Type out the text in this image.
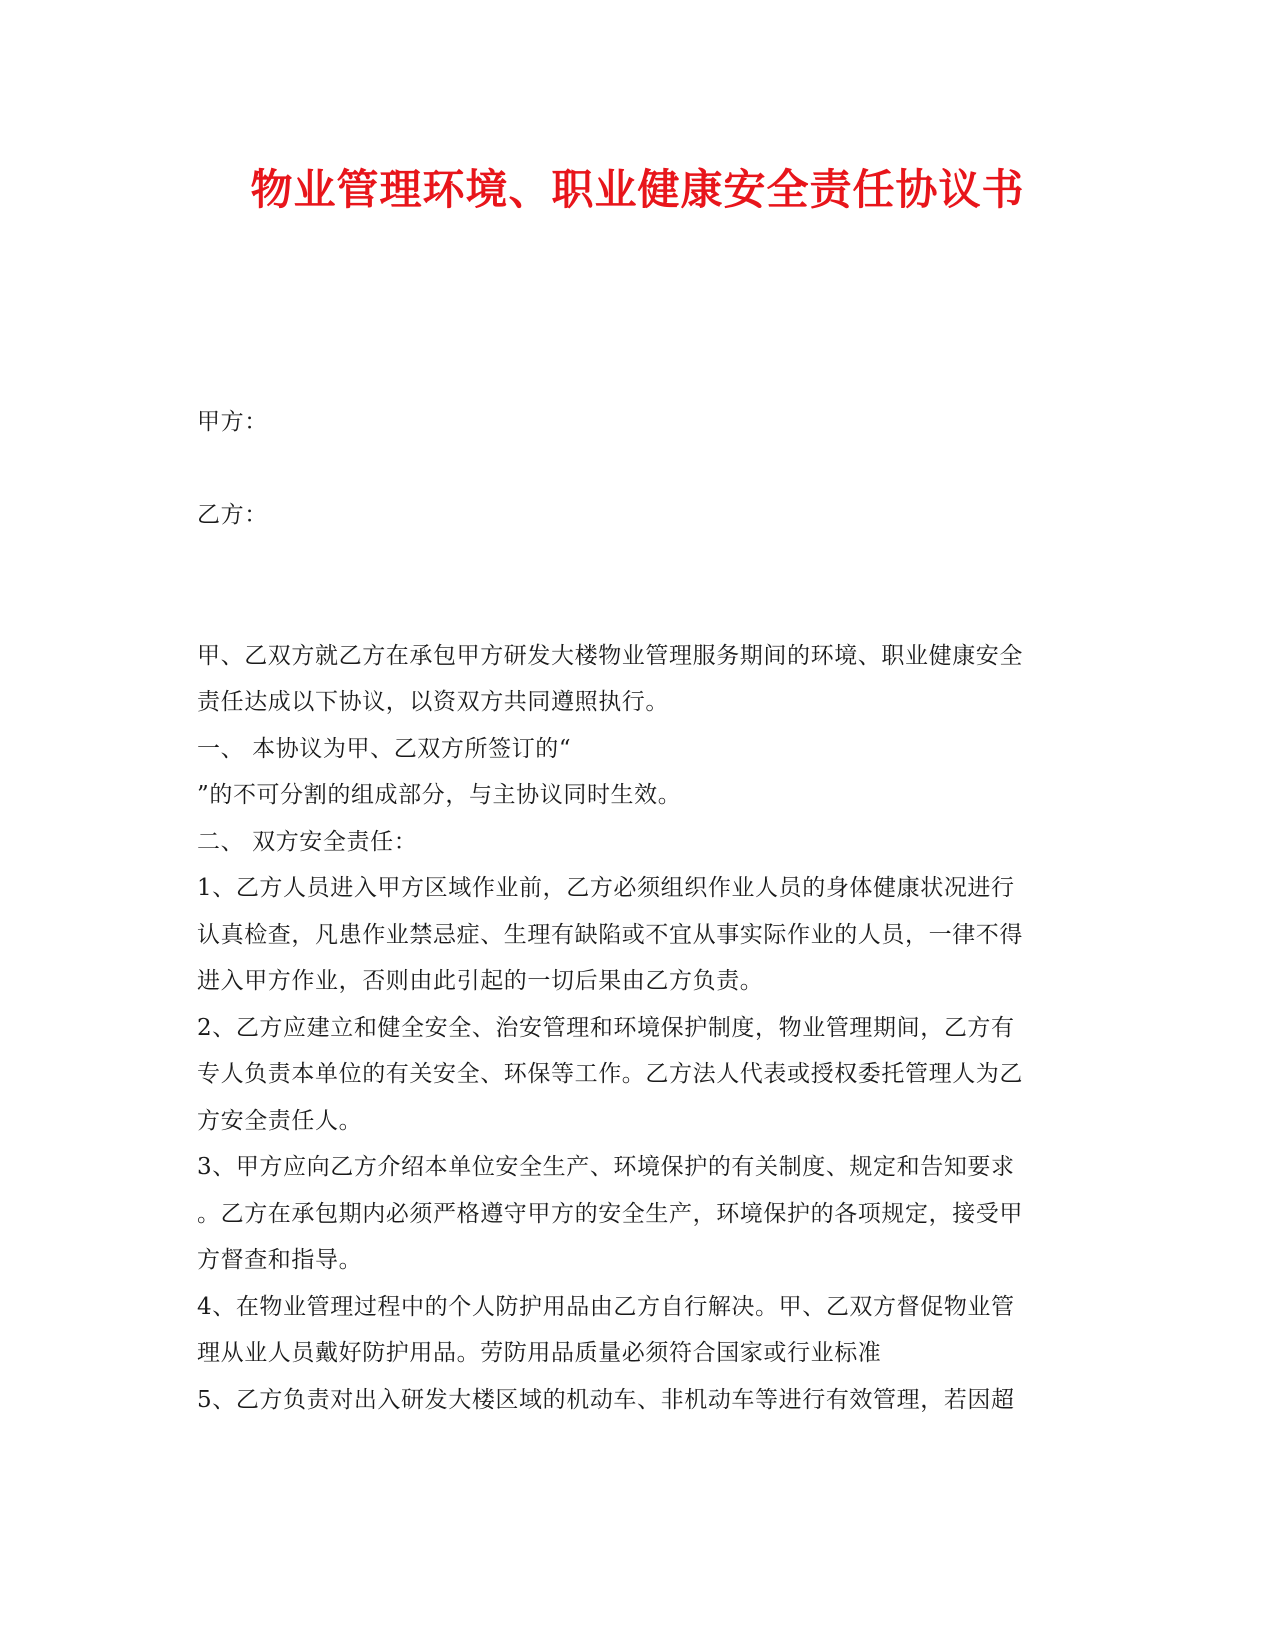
物业管理环境、职业健康安全责任协议书
甲方：
乙方：
甲、乙双方就乙方在承包甲方研发大楼物业管理服务期间的环境、职业健康安全
责任达成以下协议，以资双方共同遵照执行。
一、 本协议为甲、乙双方所签订的“
”的不可分割的组成部分，与主协议同时生效。
二、 双方安全责任：
1、乙方人员进入甲方区域作业前，乙方必须组织作业人员的身体健康状况进行
认真检查，凡患作业禁忌症、生理有缺陷或不宜从事实际作业的人员，一律不得
进入甲方作业，否则由此引起的一切后果由乙方负责。
2、乙方应建立和健全安全、治安管理和环境保护制度，物业管理期间，乙方有
专人负责本单位的有关安全、环保等工作。乙方法人代表或授权委托管理人为乙
方安全责任人。
3、甲方应向乙方介绍本单位安全生产、环境保护的有关制度、规定和告知要求
。乙方在承包期内必须严格遵守甲方的安全生产，环境保护的各项规定，接受甲
方督查和指导。
4、在物业管理过程中的个人防护用品由乙方自行解决。甲、乙双方督促物业管
理从业人员戴好防护用品。劳防用品质量必须符合国家或行业标准
5、乙方负责对出入研发大楼区域的机动车、非机动车等进行有效管理，若因超
